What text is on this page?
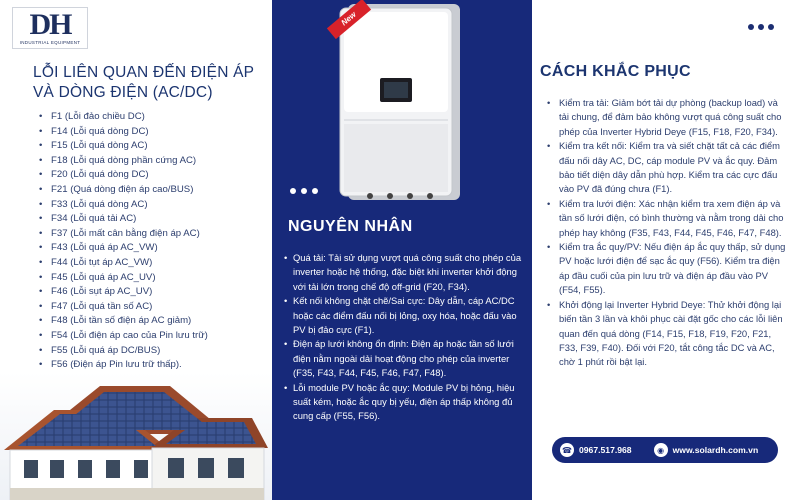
DH
INDUSTRIAL EQUIPMENT
LỖI LIÊN QUAN ĐẾN ĐIỆN ÁP VÀ DÒNG ĐIỆN (AC/DC)
• F1 (Lỗi đảo chiều DC)
• F14 (Lỗi quá dòng DC)
• F15 (Lỗi quá dòng AC)
• F18 (Lỗi quá dòng phần cứng AC)
• F20 (Lỗi quá dòng DC)
• F21 (Quá dòng điện áp cao/BUS)
• F33 (Lỗi quá dòng AC)
• F34 (Lỗi quá tải AC)
• F37 (Lỗi mất cân bằng điện áp AC)
• F43 (Lỗi quá áp AC_VW)
• F44 (Lỗi tụt áp AC_VW)
• F45 (Lỗi quá áp AC_UV)
• F46 (Lỗi sụt áp AC_UV)
• F47 (Lỗi quá tần số AC)
• F48 (Lỗi tần số điện áp AC giảm)
• F54 (Lỗi điện áp cao của Pin lưu trữ)
• F55 (Lỗi quá áp DC/BUS)
• F56 (Điện áp Pin lưu trữ thấp).
New
NGUYÊN NHÂN
• Quá tải: Tải sử dụng vượt quá công suất cho phép của inverter hoặc hệ thống, đặc biệt khi inverter khởi động với tải lớn trong chế độ off-grid (F20, F34).
• Kết nối không chặt chẽ/Sai cực: Dây dẫn, cáp AC/DC hoặc các điểm đấu nối bị lỏng, oxy hóa, hoặc đấu vào PV bị đảo cực (F1).
• Điện áp lưới không ổn định: Điện áp hoặc tần số lưới điện nằm ngoài dải hoạt động cho phép của inverter (F35, F43, F44, F45, F46, F47, F48).
• Lỗi module PV hoặc ắc quy: Module PV bị hỏng, hiệu suất kém, hoặc ắc quy bị yếu, điện áp thấp không đủ cung cấp (F55, F56).
CÁCH KHẮC PHỤC
• Kiểm tra tải: Giảm bớt tải dự phòng (backup load) và tải chung, để đảm bảo không vượt quá công suất cho phép của Inverter Hybrid Deye (F15, F18, F20, F34).
• Kiểm tra kết nối: Kiểm tra và siết chặt tất cả các điểm đấu nối dây AC, DC, cáp module PV và ắc quy. Đảm bảo tiết diện dây dẫn phù hợp. Kiểm tra các cực đấu vào PV đã đúng chưa (F1).
• Kiểm tra lưới điện: Xác nhận kiểm tra xem điện áp và tần số lưới điện, có bình thường và nằm trong dải cho phép hay không (F35, F43, F44, F45, F46, F47, F48).
• Kiểm tra ắc quy/PV: Nếu điện áp ắc quy thấp, sử dụng PV hoặc lưới điện để sạc ắc quy (F56). Kiểm tra điện áp đầu cuối của pin lưu trữ và điện áp đầu vào PV (F54, F55).
• Khởi động lại Inverter Hybrid Deye: Thử khởi động lại biến tần 3 lần và khôi phục cài đặt gốc cho các lỗi liên quan đến quá dòng (F14, F15, F18, F19, F20, F21, F33, F39, F40). Đối với F20, tắt công tắc DC và AC, chờ 1 phút rồi bật lại.
☎ 0967.517.968	◉ www.solardh.com.vn
